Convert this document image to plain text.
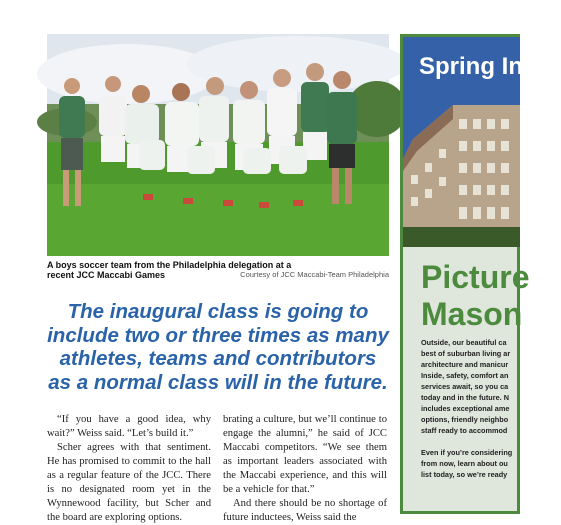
A boys soccer team from the Philadelphia delegation at a recent JCC Maccabi Games	Courtesy of JCC Maccabi-Team Philadelphia
The inaugural class is going to include two or three times as many athletes, teams and contributors as a normal class will in the future.

“If you have a good idea, why wait?” Weiss said. “Let’s build it.”

Scher agrees with that sentiment. He has promised to commit to the hall as a regular feature of the JCC. There is no designated room yet in the Wynnewood facility, but Scher and the board are exploring options.

brating a culture, but we’ll continue to engage the alumni,” he said of JCC Maccabi competitors. “We see them as important leaders associated with the Maccabi experience, and this will be a vehicle for that.”

And there should be no shortage of future inductees, Weiss said the

Spring In
Picture
Mason

Outside, our beautiful ca
best of suburban living ar
architecture and manicur
Inside, safety, comfort an
services await, so you ca
today and in the future. N
includes exceptional ame
options, friendly neighbo
staff ready to accommod

Even if you’re considering
from now, learn about ou
list today, so we’re ready
